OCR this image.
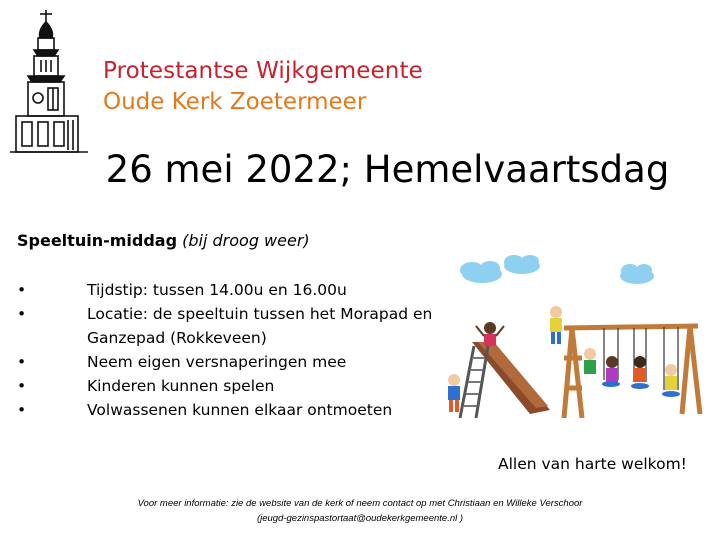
Protestantse Wijkgemeente
Oude Kerk Zoetermeer
26 mei 2022; Hemelvaartsdag
Speeltuin-middag (bij droog weer)
•	Tijdstip: tussen 14.00u en 16.00u
•	Locatie: de speeltuin tussen het Morapad en Ganzepad (Rokkeveen)
•	Neem eigen versnaperingen mee
•	Kinderen kunnen spelen
•	Volwassenen kunnen elkaar ontmoeten
Allen van harte welkom!
Voor meer informatie: zie de website van de kerk of neem contact op met Christiaan en Willeke Verschoor
(jeugd-gezinspastortaat@oudekerkgemeente.nl )
